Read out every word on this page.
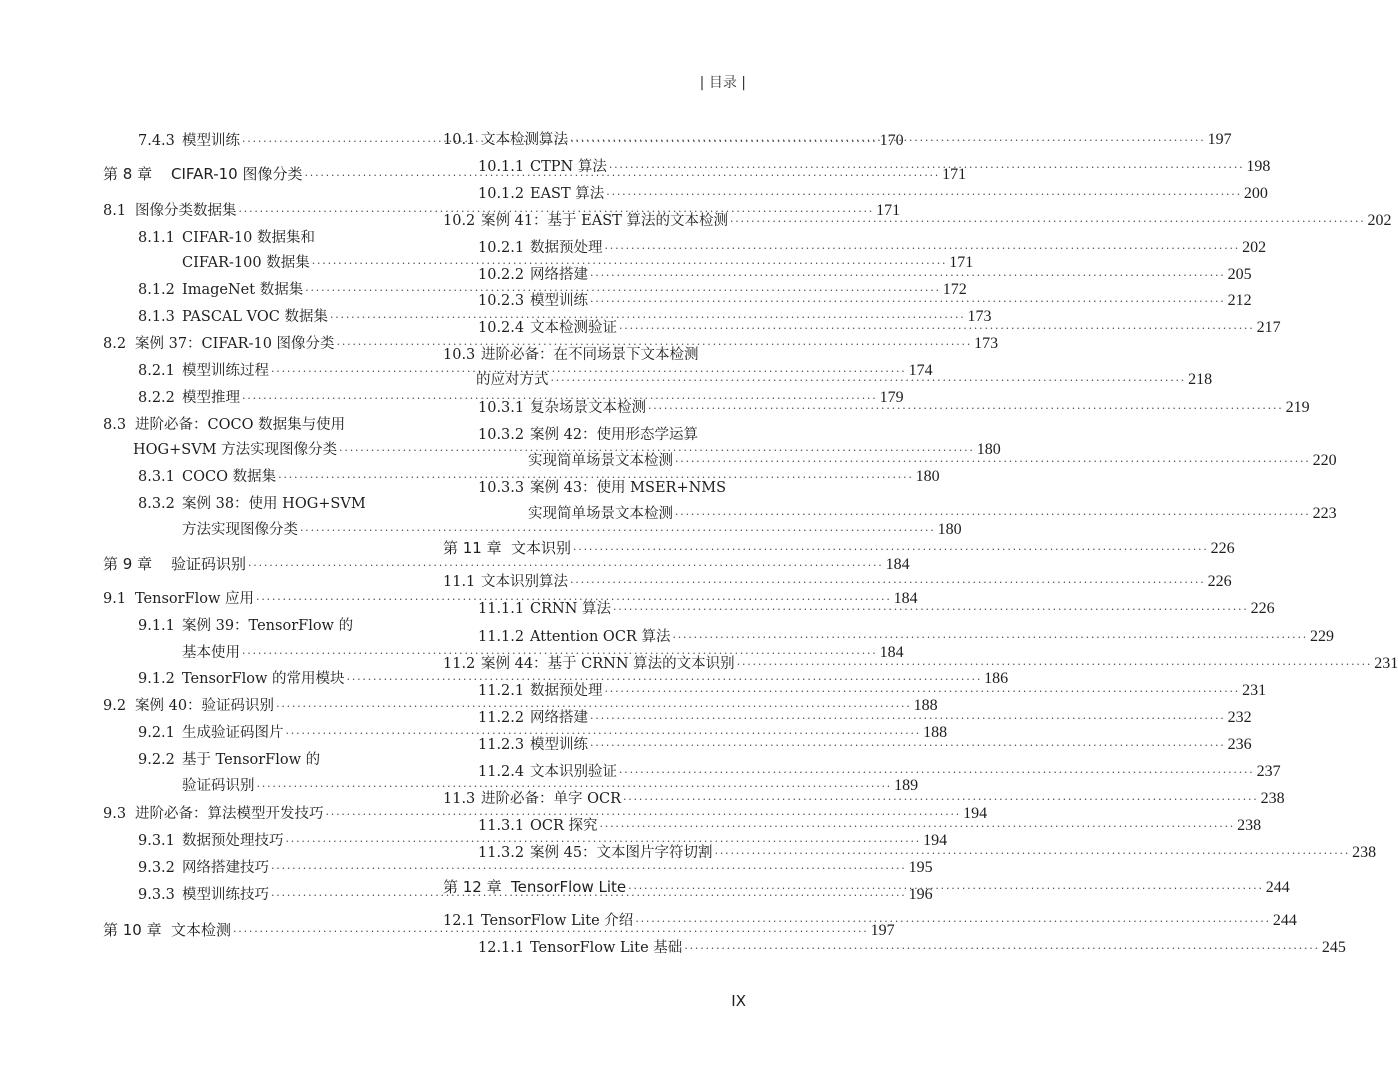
| 目录 |
7.4.3 模型训练 ·····	170
第 8 章	CIFAR-10 图像分类 ·····	171
8.1 图像分类数据集 ·····	171
8.1.1 CIFAR-10 数据集和
CIFAR-100 数据集 ·····	171
8.1.2 ImageNet 数据集 ·····	172
8.1.3 PASCAL VOC 数据集 ·····	173
8.2 案例 37：CIFAR-10 图像分类 ·····	173
8.2.1 模型训练过程 ·····	174
8.2.2 模型推理 ·····	179
8.3 进阶必备：COCO 数据集与使用
HOG+SVM 方法实现图像分类 ·····	180
8.3.1 COCO 数据集 ·····	180
8.3.2 案例 38：使用 HOG+SVM
方法实现图像分类 ·····	180
第 9 章	验证码识别 ·····	184
9.1 TensorFlow 应用 ·····	184
9.1.1 案例 39：TensorFlow 的
基本使用 ·····	184
9.1.2 TensorFlow 的常用模块 ·····	186
9.2 案例 40：验证码识别 ·····	188
9.2.1 生成验证码图片 ·····	188
9.2.2 基于 TensorFlow 的
验证码识别 ·····	189
9.3 进阶必备：算法模型开发技巧 ·····	194
9.3.1 数据预处理技巧 ·····	194
9.3.2 网络搭建技巧 ·····	195
9.3.3 模型训练技巧 ·····	196
第 10 章 文本检测 ·····	197
10.1 文本检测算法 ·····	197
10.1.1 CTPN 算法 ·····	198
10.1.2 EAST 算法 ·····	200
10.2 案例 41：基于 EAST 算法的文本检测 ·····	202
10.2.1 数据预处理 ·····	202
10.2.2 网络搭建 ·····	205
10.2.3 模型训练 ·····	212
10.2.4 文本检测验证 ·····	217
10.3 进阶必备：在不同场景下文本检测
的应对方式 ·····	218
10.3.1 复杂场景文本检测 ·····	219
10.3.2 案例 42：使用形态学运算
实现简单场景文本检测 ·····	220
10.3.3 案例 43：使用 MSER+NMS
实现简单场景文本检测 ·····	223
第 11 章 文本识别 ·····	226
11.1 文本识别算法 ·····	226
11.1.1 CRNN 算法 ·····	226
11.1.2 Attention OCR 算法 ·····	229
11.2 案例 44：基于 CRNN 算法的文本识别 ·····	231
11.2.1 数据预处理 ·····	231
11.2.2 网络搭建 ·····	232
11.2.3 模型训练 ·····	236
11.2.4 文本识别验证 ·····	237
11.3 进阶必备：单字 OCR ·····	238
11.3.1 OCR 探究 ·····	238
11.3.2 案例 45：文本图片字符切割 ·····	238
第 12 章 TensorFlow Lite ·····	244
12.1 TensorFlow Lite 介绍 ·····	244
12.1.1 TensorFlow Lite 基础 ·····	245
IX
